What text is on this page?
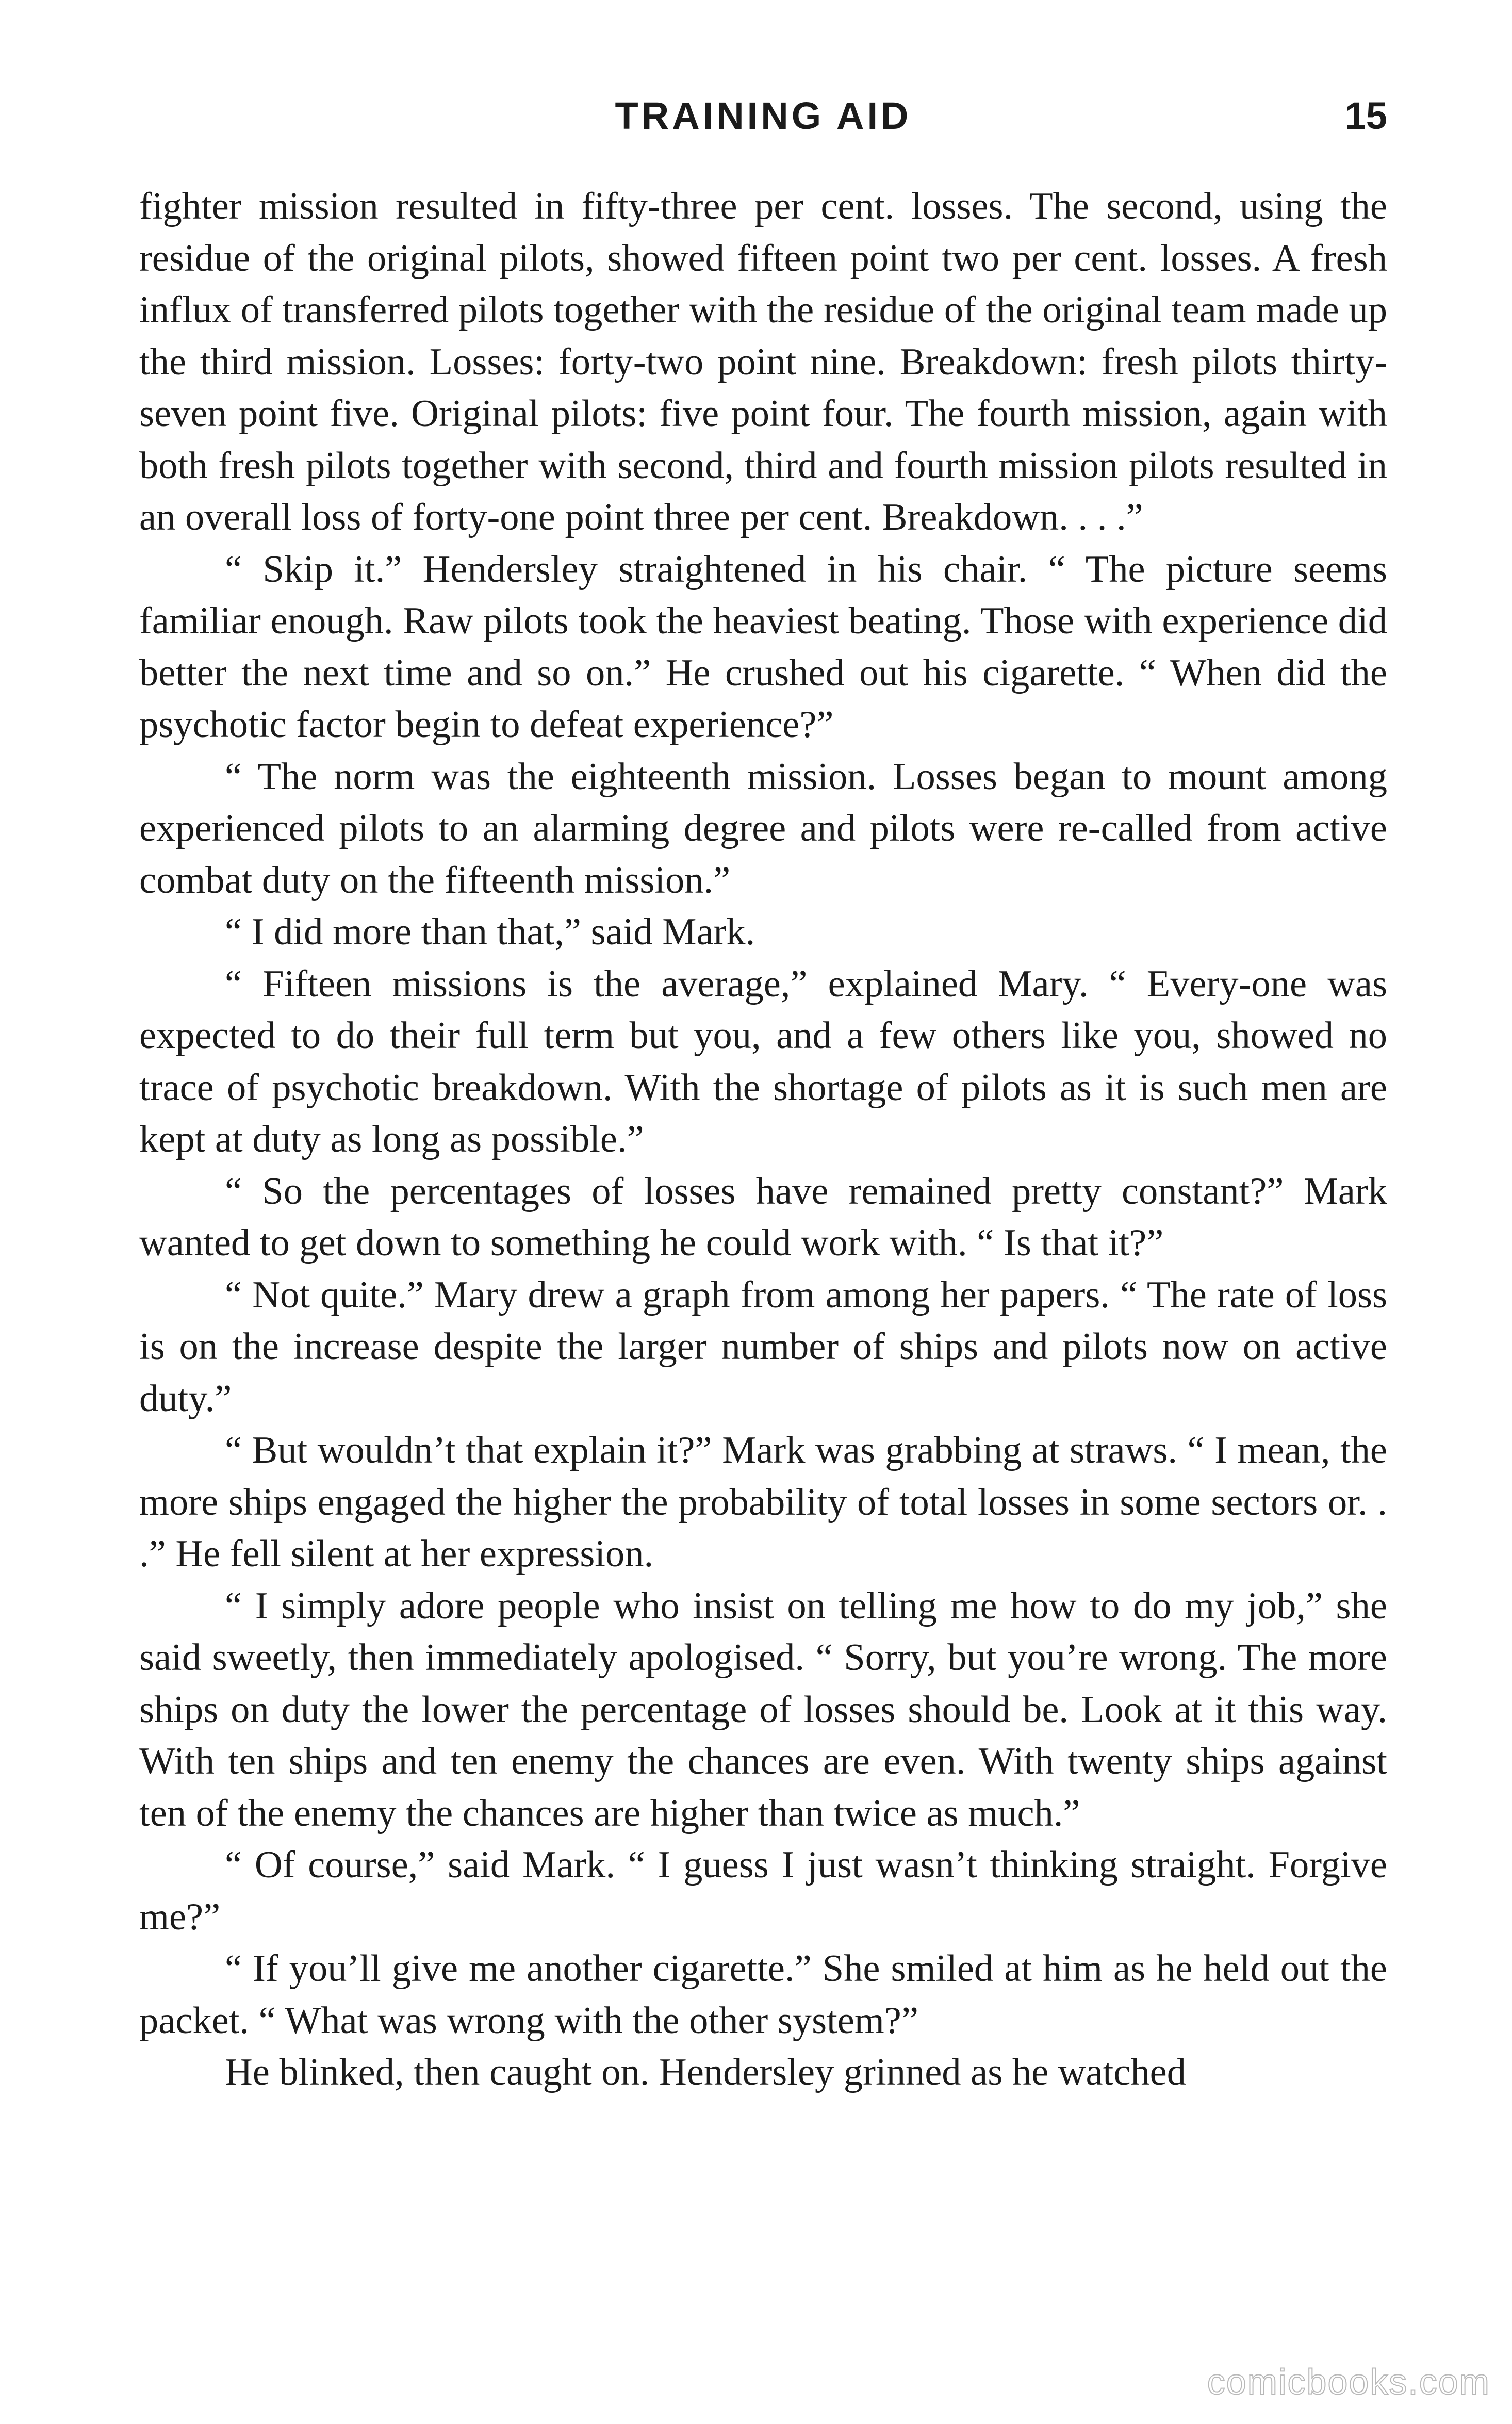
TRAINING AID	15

fighter mission resulted in fifty-three per cent. losses. The second, using the residue of the original pilots, showed fifteen point two per cent. losses. A fresh influx of transferred pilots together with the residue of the original team made up the third mission. Losses: forty-two point nine. Breakdown: fresh pilots thirty-seven point five. Original pilots: five point four. The fourth mission, again with both fresh pilots together with second, third and fourth mission pilots resulted in an overall loss of forty-one point three per cent. Breakdown. . . .”

“ Skip it.” Hendersley straightened in his chair. “ The picture seems familiar enough. Raw pilots took the heaviest beating. Those with experience did better the next time and so on.” He crushed out his cigarette. “ When did the psychotic factor begin to defeat experience?”

“ The norm was the eighteenth mission. Losses began to mount among experienced pilots to an alarming degree and pilots were re-called from active combat duty on the fifteenth mission.”

“ I did more than that,” said Mark.

“ Fifteen missions is the average,” explained Mary. “ Every-one was expected to do their full term but you, and a few others like you, showed no trace of psychotic breakdown. With the shortage of pilots as it is such men are kept at duty as long as possible.”

“ So the percentages of losses have remained pretty constant?” Mark wanted to get down to something he could work with. “ Is that it?”

“ Not quite.” Mary drew a graph from among her papers. “ The rate of loss is on the increase despite the larger number of ships and pilots now on active duty.”

“ But wouldn’t that explain it?” Mark was grabbing at straws. “ I mean, the more ships engaged the higher the probability of total losses in some sectors or. . .” He fell silent at her expression.

“ I simply adore people who insist on telling me how to do my job,” she said sweetly, then immediately apologised. “ Sorry, but you’re wrong. The more ships on duty the lower the percentage of losses should be. Look at it this way. With ten ships and ten enemy the chances are even. With twenty ships against ten of the enemy the chances are higher than twice as much.”

“ Of course,” said Mark. “ I guess I just wasn’t thinking straight. Forgive me?”

“ If you’ll give me another cigarette.” She smiled at him as he held out the packet. “ What was wrong with the other system?”

He blinked, then caught on. Hendersley grinned as he watched

comicbooks.com
